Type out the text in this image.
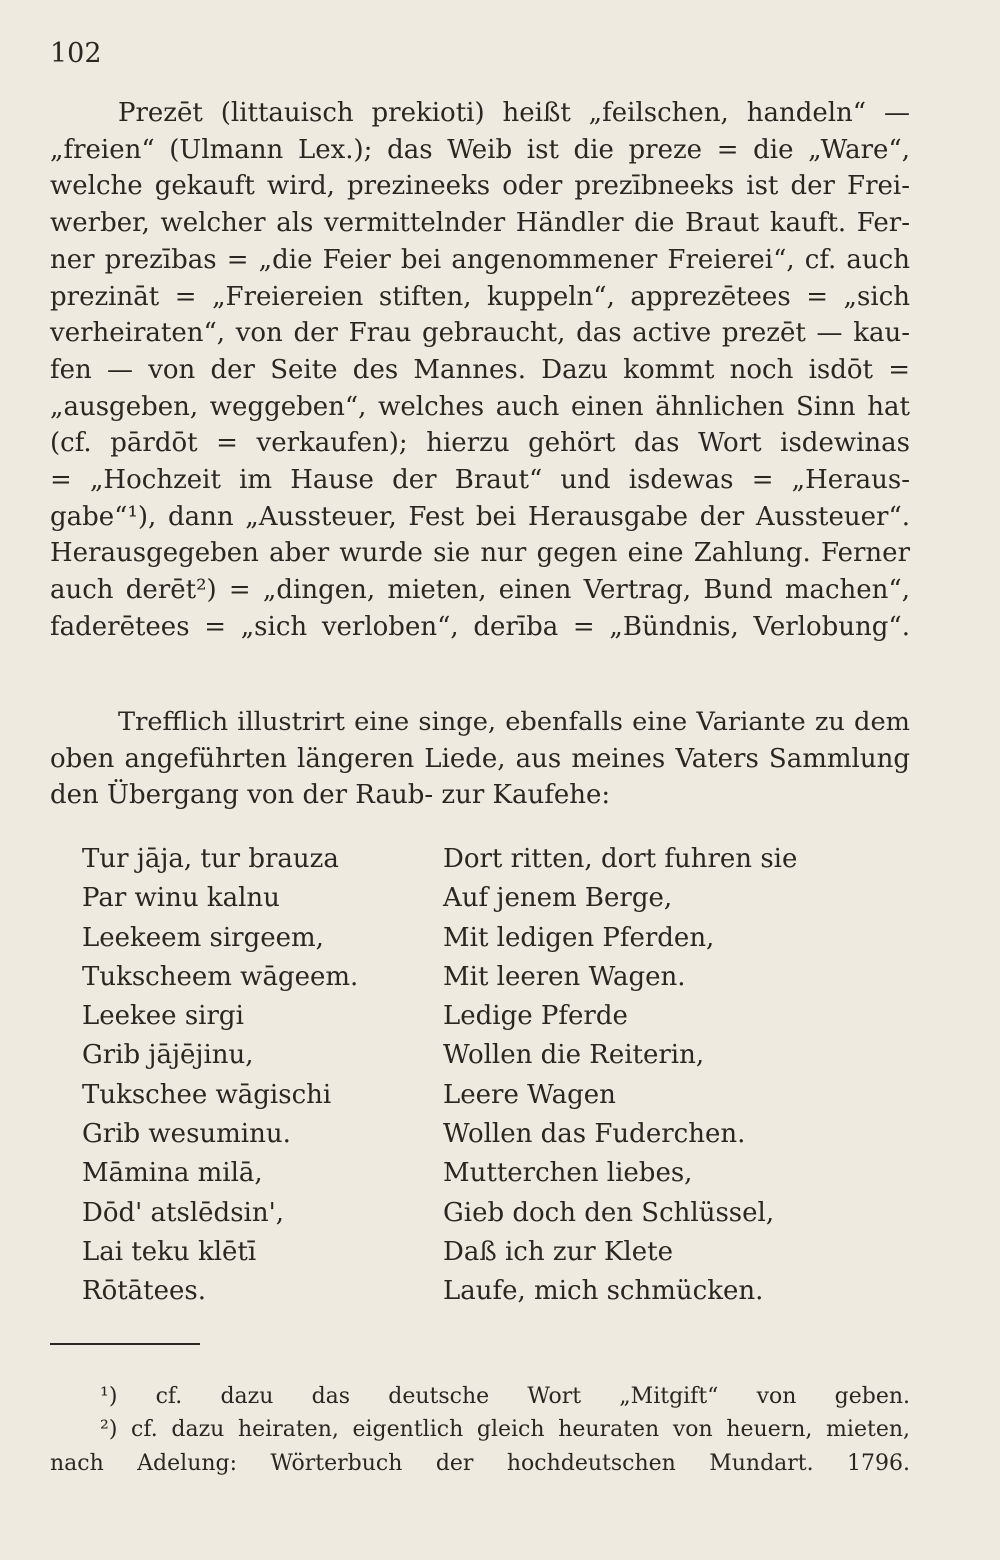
102
Prezēt (littauisch prekioti) heißt „feilschen, handeln“ —
„freien“ (Ulmann Lex.); das Weib ist die preze = die „Ware“,
welche gekauft wird, prezineeks oder prezībneeks ist der Frei-
werber, welcher als vermittelnder Händler die Braut kauft. Fer-
ner prezības = „die Feier bei angenommener Freierei“, cf. auch
prezināt = „Freiereien stiften, kuppeln“, apprezētees = „sich
verheiraten“, von der Frau gebraucht, das active prezēt — kau-
fen — von der Seite des Mannes. Dazu kommt noch isdōt =
„ausgeben, weggeben“, welches auch einen ähnlichen Sinn hat
(cf. pārdōt = verkaufen); hierzu gehört das Wort isdewinas
= „Hochzeit im Hause der Braut“ und isdewas = „Heraus-
gabe“¹), dann „Aussteuer, Fest bei Herausgabe der Aussteuer“.
Herausgegeben aber wurde sie nur gegen eine Zahlung. Ferner
auch derēt²) = „dingen, mieten, einen Vertrag, Bund machen“,
faderētees = „sich verloben“, derība = „Bündnis, Verlobung“.
Trefflich illustrirt eine singe, ebenfalls eine Variante zu dem
oben angeführten längeren Liede, aus meines Vaters Sammlung
den Übergang von der Raub- zur Kaufehe:
Tur jāja, tur brauza
Par winu kalnu
Leekeem sirgeem,
Tukscheem wāgeem.
Leekee sirgi
Grib jājējinu,
Tukschee wāgischi
Grib wesuminu.
Māmina milā,
Dōd' atslēdsin',
Lai teku klētī
Rōtātees.
Dort ritten, dort fuhren sie
Auf jenem Berge,
Mit ledigen Pferden,
Mit leeren Wagen.
Ledige Pferde
Wollen die Reiterin,
Leere Wagen
Wollen das Fuderchen.
Mutterchen liebes,
Gieb doch den Schlüssel,
Daß ich zur Klete
Laufe, mich schmücken.
¹) cf. dazu das deutsche Wort „Mitgift“ von geben.
²) cf. dazu heiraten, eigentlich gleich heuraten von heuern, mieten,
nach Adelung: Wörterbuch der hochdeutschen Mundart. 1796.
